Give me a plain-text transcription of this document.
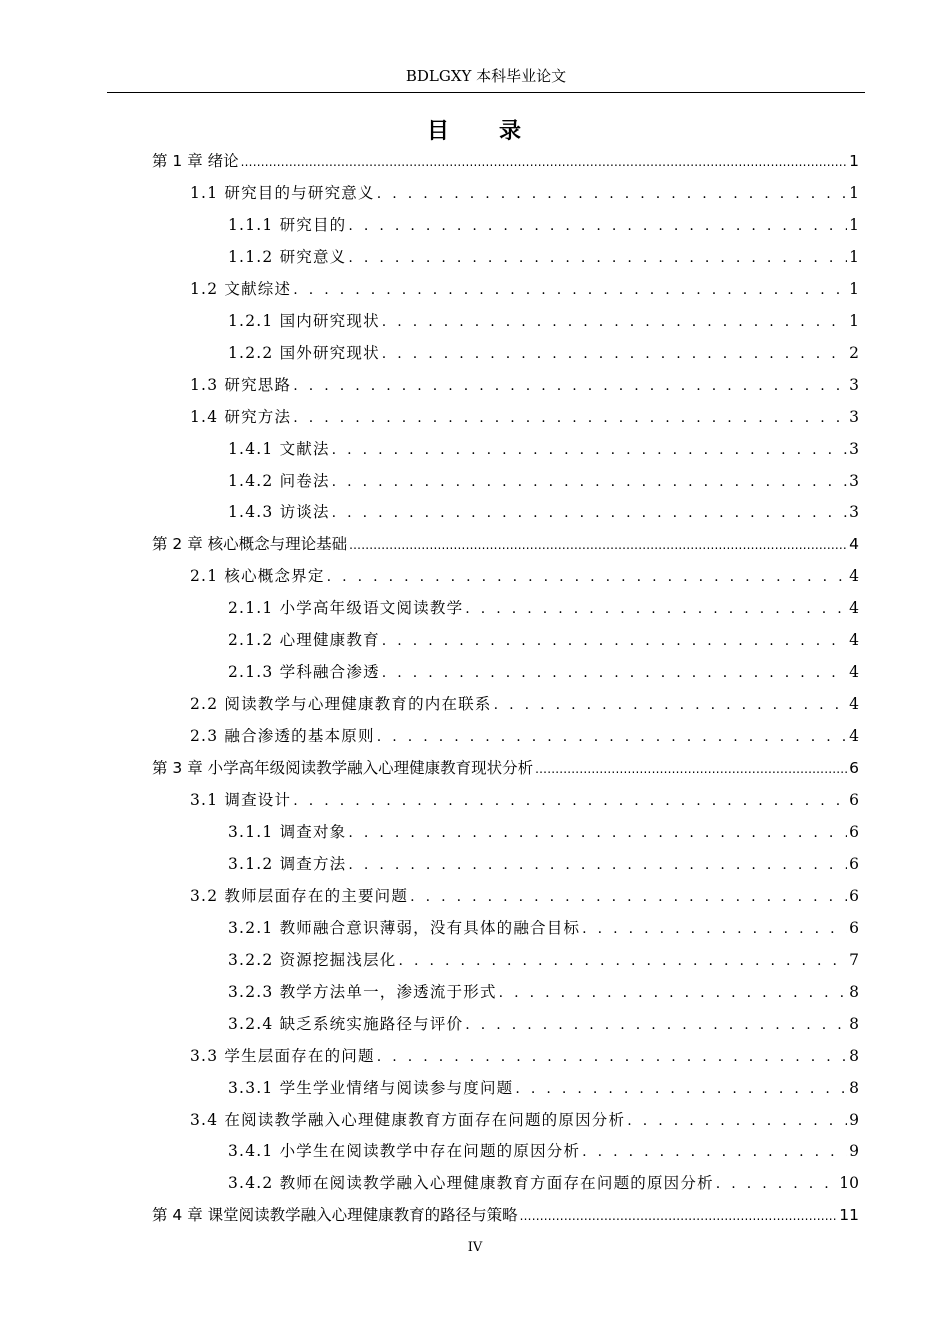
BDLGXY 本科毕业论文
目　　录
第 1 章 绪论 .....	1
1.1 研究目的与研究意义 . . .	1
1.1.1 研究目的 . . .	1
1.1.2 研究意义 . . .	1
1.2 文献综述 . . .	1
1.2.1 国内研究现状 . . .	1
1.2.2 国外研究现状 . . .	2
1.3 研究思路 . . .	3
1.4 研究方法 . . .	3
1.4.1 文献法 . . .	3
1.4.2 问卷法 . . .	3
1.4.3 访谈法 . . .	3
第 2 章 核心概念与理论基础 .....	4
2.1 核心概念界定 . . .	4
2.1.1 小学高年级语文阅读教学 . . .	4
2.1.2 心理健康教育 . . .	4
2.1.3 学科融合渗透 . . .	4
2.2 阅读教学与心理健康教育的内在联系 . . .	4
2.3 融合渗透的基本原则 . . .	4
第 3 章 小学高年级阅读教学融入心理健康教育现状分析 .....	6
3.1 调查设计 . . .	6
3.1.1 调查对象 . . .	6
3.1.2 调查方法 . . .	6
3.2 教师层面存在的主要问题 . . .	6
3.2.1 教师融合意识薄弱，没有具体的融合目标 . . .	6
3.2.2 资源挖掘浅层化 . . .	7
3.2.3 教学方法单一，渗透流于形式 . . .	8
3.2.4 缺乏系统实施路径与评价 . . .	8
3.3 学生层面存在的问题 . . .	8
3.3.1 学生学业情绪与阅读参与度问题 . . .	8
3.4 在阅读教学融入心理健康教育方面存在问题的原因分析 . . .	9
3.4.1 小学生在阅读教学中存在问题的原因分析 . . .	9
3.4.2 教师在阅读教学融入心理健康教育方面存在问题的原因分析 . . .	10
第 4 章 课堂阅读教学融入心理健康教育的路径与策略 .....	11
IV
